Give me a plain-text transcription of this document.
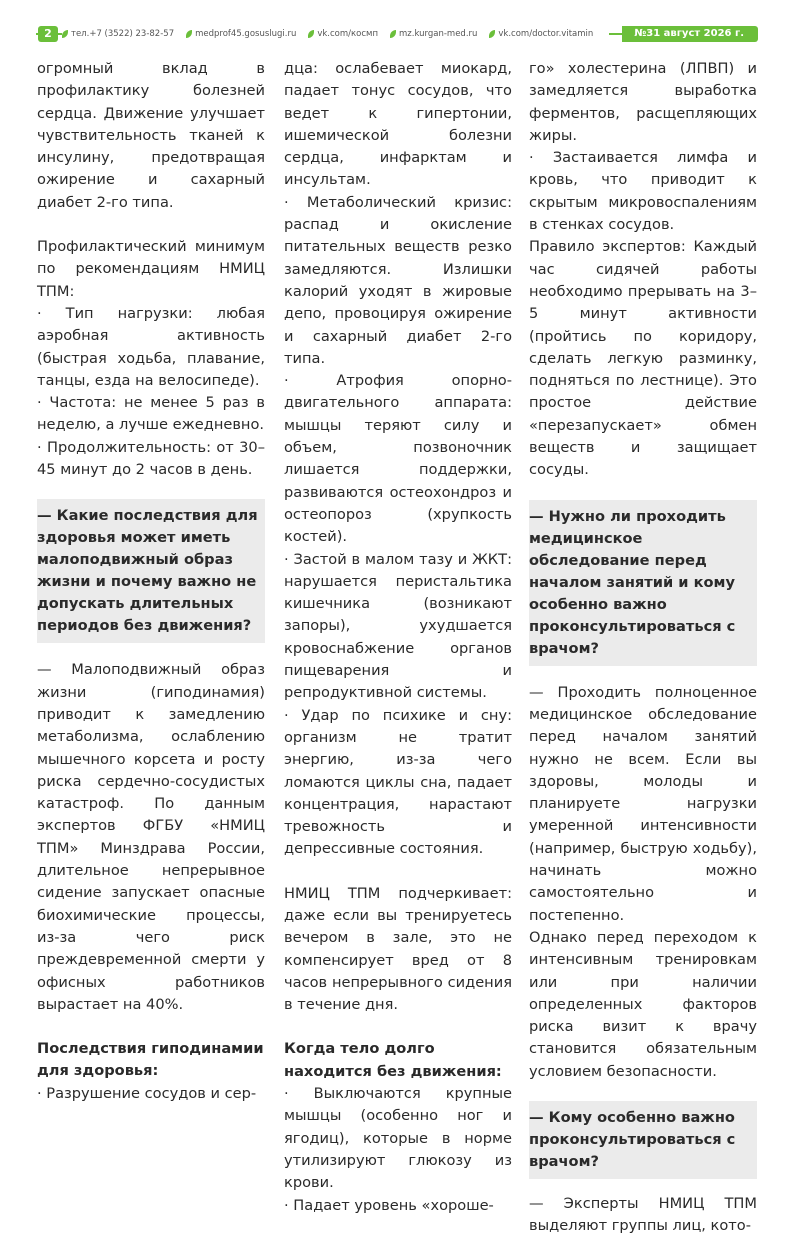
2	тел.+7 (3522) 23-82-57 medprof45.gosuslugi.ru vk.com/космп mz.kurgan-med.ru vk.com/doctor.vitamin	№31 август 2026 г.

огромный вклад в профилактику болезней сердца. Движение улучшает чувствительность тканей к инсулину, предотвращая ожирение и сахарный диабет 2-го типа.

Профилактический минимум по рекомендациям НМИЦ ТПМ:

· Тип нагрузки: любая аэробная активность (быстрая ходьба, плавание, танцы, езда на велосипеде).

· Частота: не менее 5 раз в неделю, а лучше ежедневно.

· Продолжительность: от 30–45 минут до 2 часов в день.

— Какие последствия для здоровья может иметь малоподвижный образ жизни и почему важно не допускать длительных периодов без движения?

— Малоподвижный образ жизни (гиподинамия) приводит к замедлению метаболизма, ослаблению мышечного корсета и росту риска сердечно-сосудистых катастроф. По данным экспертов ФГБУ «НМИЦ ТПМ» Минздрава России, длительное непрерывное сидение запускает опасные биохимические процессы, из-за чего риск преждевременной смерти у офисных работников вырастает на 40%.

Последствия гиподинамии для здоровья:

· Разрушение сосудов и сер-

дца: ослабевает миокард, падает тонус сосудов, что ведет к гипертонии, ишемической болезни сердца, инфарктам и инсультам.

· Метаболический кризис: распад и окисление питательных веществ резко замедляются. Излишки калорий уходят в жировые депо, провоцируя ожирение и сахарный диабет 2-го типа.

· Атрофия опорно-двигательного аппарата: мышцы теряют силу и объем, позвоночник лишается поддержки, развиваются остеохондроз и остеопороз (хрупкость костей).

· Застой в малом тазу и ЖКТ: нарушается перистальтика кишечника (возникают запоры), ухудшается кровоснабжение органов пищеварения и репродуктивной системы.

· Удар по психике и сну: организм не тратит энергию, из-за чего ломаются циклы сна, падает концентрация, нарастают тревожность и депрессивные состояния.

НМИЦ ТПМ подчеркивает: даже если вы тренируетесь вечером в зале, это не компенсирует вред от 8 часов непрерывного сидения в течение дня.

Когда тело долго находится без движения:

· Выключаются крупные мышцы (особенно ног и ягодиц), которые в норме утилизируют глюкозу из крови.

· Падает уровень «хороше-

го» холестерина (ЛПВП) и замедляется выработка ферментов, расщепляющих жиры.

· Застаивается лимфа и кровь, что приводит к скрытым микровоспалениям в стенках сосудов.

Правило экспертов: Каждый час сидячей работы необходимо прерывать на 3–5 минут активности (пройтись по коридору, сделать легкую разминку, подняться по лестнице). Это простое действие «перезапускает» обмен веществ и защищает сосуды.

— Нужно ли проходить медицинское обследование перед началом занятий и кому особенно важно проконсультироваться с врачом?

— Проходить полноценное медицинское обследование перед началом занятий нужно не всем. Если вы здоровы, молоды и планируете нагрузки умеренной интенсивности (например, быструю ходьбу), начинать можно самостоятельно и постепенно.

Однако перед переходом к интенсивным тренировкам или при наличии определенных факторов риска визит к врачу становится обязательным условием безопасности.

— Кому особенно важно проконсультироваться с врачом?

— Эксперты НМИЦ ТПМ выделяют группы лиц, кото-
